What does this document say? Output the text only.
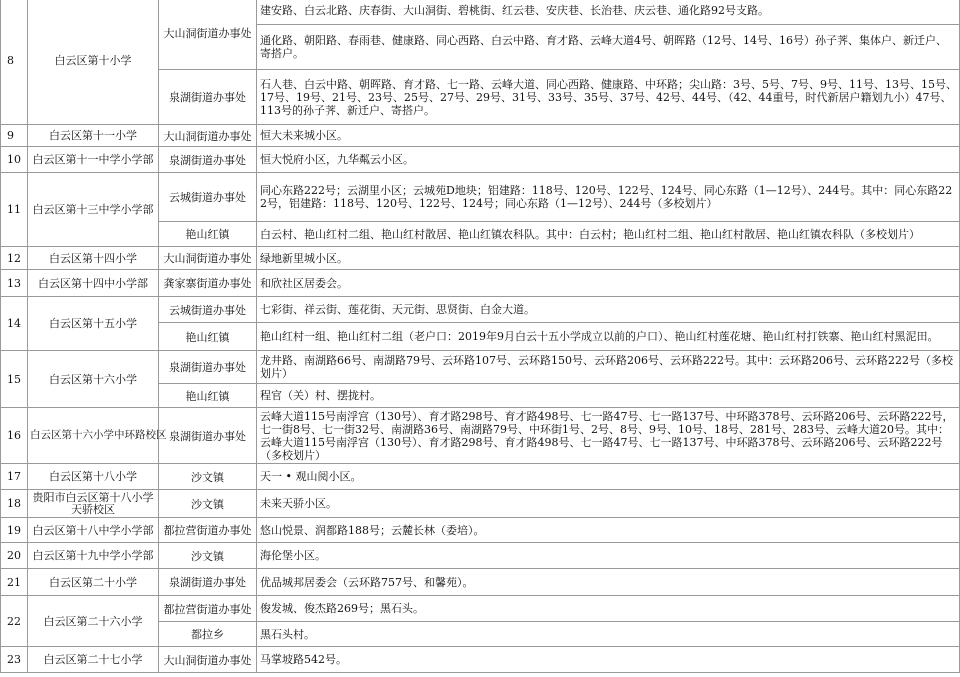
8	白云区第十小学	大山洞街道办事处	建安路、白云北路、庆春街、大山洞街、碧桃街、红云巷、安庆巷、长治巷、庆云巷、通化路92号支路。
			通化路、朝阳路、春雨巷、健康路、同心西路、白云中路、育才路、云峰大道4号、朝晖路（12号、14号、16号）孙子荠、集体户、新迁户、寄搭户。
		泉湖街道办事处	石人巷、白云中路、朝晖路、育才路、七一路、云峰大道、同心西路、健康路、中环路；尖山路：3号、5号、7号、9号、11号、13号、15号、17号、19号、21号、23号、25号、27号、29号、31号、33号、35号、37号、42号、44号、（42、44重号，时代新居户籍划九小）47号、113号的孙子荠、新迁户、寄搭户。
9	白云区第十一小学	大山洞街道办事处	恒大未来城小区。
10	白云区第十一中学小学部	泉湖街道办事处	恒大悦府小区，九华粼云小区。
11	白云区第十三中学小学部	云城街道办事处	同心东路222号；云湖里小区；云城苑D地块；铝建路：118号、120号、122号、124号、同心东路（1—12号）、244号。其中：同心东路222号，铝建路：118号、120号、122号、124号；同心东路（1—12号）、244号（多校划片）
		艳山红镇	白云村、艳山红村二组、艳山红村散居、艳山红镇农科队。其中：白云村；艳山红村二组、艳山红村散居、艳山红镇农科队（多校划片）
12	白云区第十四小学	大山洞街道办事处	绿地新里城小区。
13	白云区第十四中小学部	龚家寨街道办事处	和欣社区居委会。
14	白云区第十五小学	云城街道办事处	七彩街、祥云街、莲花街、天元街、思贤街、白金大道。
		艳山红镇	艳山红村一组、艳山红村二组（老户口：2019年9月白云十五小学成立以前的户口）、艳山红村莲花塘、艳山红村打铁寨、艳山红村黑泥田。
15	白云区第十六小学	泉湖街道办事处	龙井路、南湖路66号、南湖路79号、云环路107号、云环路150号、云环路206号、云环路222号。其中：云环路206号、云环路222号（多校划片）
		艳山红镇	程官（关）村、摆拢村。
16	白云区第十六小学中环路校区	泉湖街道办事处	云峰大道115号南浮宫（130号）、育才路298号、育才路498号、七一路47号、七一路137号、中环路378号、云环路206号、云环路222号，七一街8号、七一街32号、南湖路36号、南湖路79号、中环街1号、2号、8号、9号、10号、18号、281号、283号、云峰大道20号。其中：云峰大道115号南浮宫（130号）、育才路298号、育才路498号、七一路47号、七一路137号、中环路378号、云环路206号、云环路222号（多校划片）
17	白云区第十八小学	沙文镇	天一 • 观山阅小区。
18	贵阳市白云区第十八小学天骄校区	沙文镇	未来天骄小区。
19	白云区第十八中学小学部	都拉营街道办事处	悠山悦景、润都路188号；云麓长林（委培）。
20	白云区第十九中学小学部	沙文镇	海伦堡小区。
21	白云区第二十小学	泉湖街道办事处	优品城邦居委会（云环路757号、和馨苑）。
22	白云区第二十六小学	都拉营街道办事处	俊发城、俊杰路269号；黑石头。
		都拉乡	黑石头村。
23	白云区第二十七小学	大山洞街道办事处	马掌坡路542号。
